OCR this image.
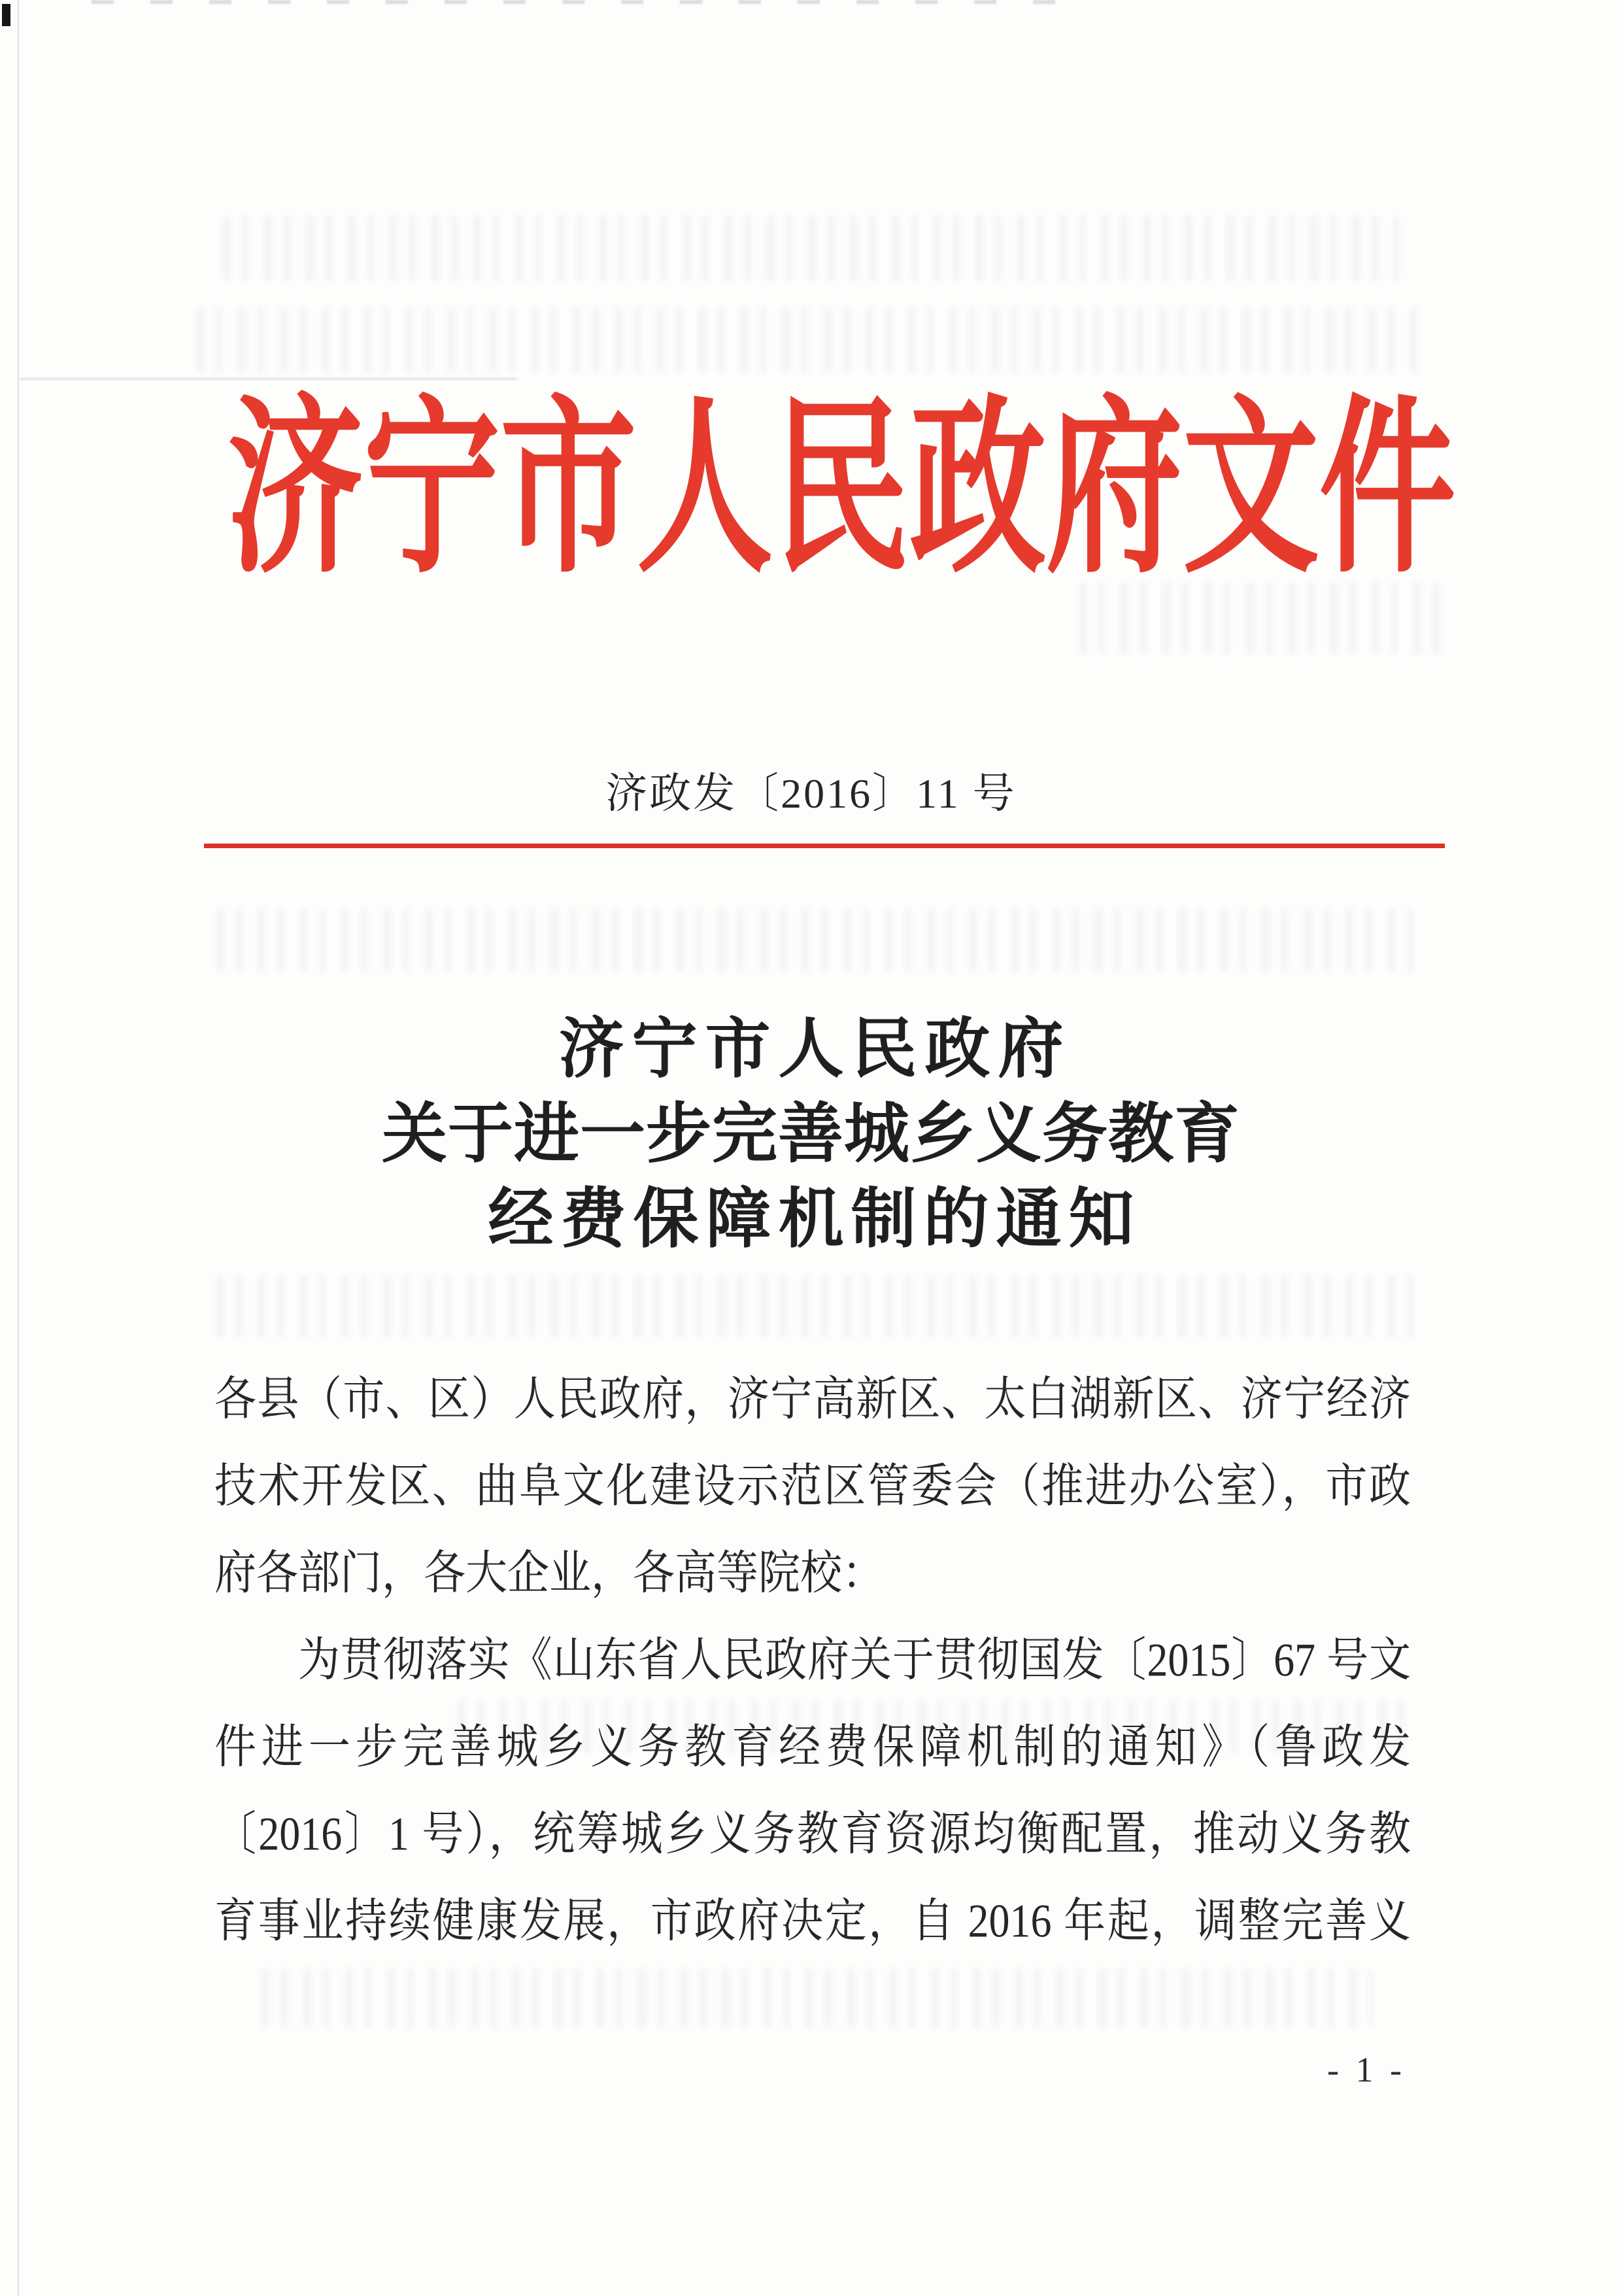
济宁市人民政府文件
济政发〔2016〕11 号
济宁市人民政府
关于进一步完善城乡义务教育
经费保障机制的通知
各县（市、区）人民政府，济宁高新区、太白湖新区、济宁经济
技术开发区、曲阜文化建设示范区管委会（推进办公室），市政
府各部门，各大企业，各高等院校：
为贯彻落实《山东省人民政府关于贯彻国发〔2015〕67 号文
件进一步完善城乡义务教育经费保障机制的通知》（鲁政发
〔2016〕1 号），统筹城乡义务教育资源均衡配置，推动义务教
育事业持续健康发展，市政府决定，自 2016 年起，调整完善义
- 1 -
